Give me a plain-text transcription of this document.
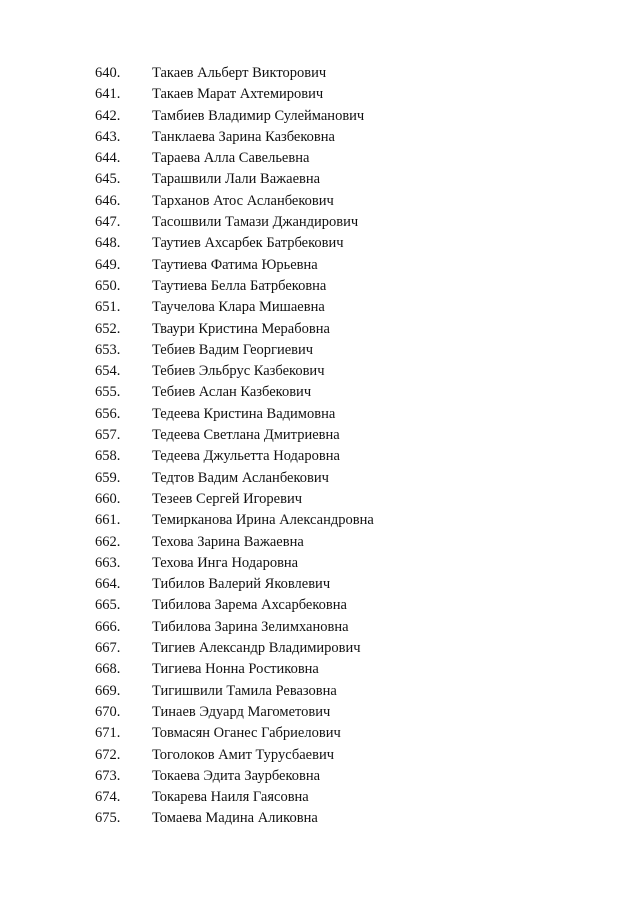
640. Такаев Альберт Викторович
641. Такаев Марат Ахтемирович
642. Тамбиев Владимир Сулейманович
643. Танклаева Зарина Казбековна
644. Тараева Алла Савельевна
645. Тарашвили Лали Важаевна
646. Тарханов Атос Асланбекович
647. Тасошвили Тамази Джандирович
648. Таутиев Ахсарбек Батрбекович
649. Таутиева Фатима Юрьевна
650. Таутиева Белла Батрбековна
651. Таучелова Клара Мишаевна
652. Тваури Кристина Мерабовна
653. Тебиев Вадим Георгиевич
654. Тебиев Эльбрус Казбекович
655. Тебиев Аслан Казбекович
656. Тедеева Кристина Вадимовна
657. Тедеева Светлана Дмитриевна
658. Тедеева Джульетта Нодаровна
659. Тедтов Вадим Асланбекович
660. Тезеев Сергей Игоревич
661. Темирканова Ирина Александровна
662. Техова Зарина Важаевна
663. Техова Инга Нодаровна
664. Тибилов Валерий Яковлевич
665. Тибилова Зарема Ахсарбековна
666. Тибилова Зарина Зелимхановна
667. Тигиев Александр Владимирович
668. Тигиева Нонна Ростиковна
669. Тигишвили Тамила Ревазовна
670. Тинаев Эдуард Магометович
671. Товмасян Оганес Габриелович
672. Тоголоков Амит Турусбаевич
673. Токаева Эдита Заурбековна
674. Токарева Наиля Гаясовна
675. Томаева Мадина Аликовна
